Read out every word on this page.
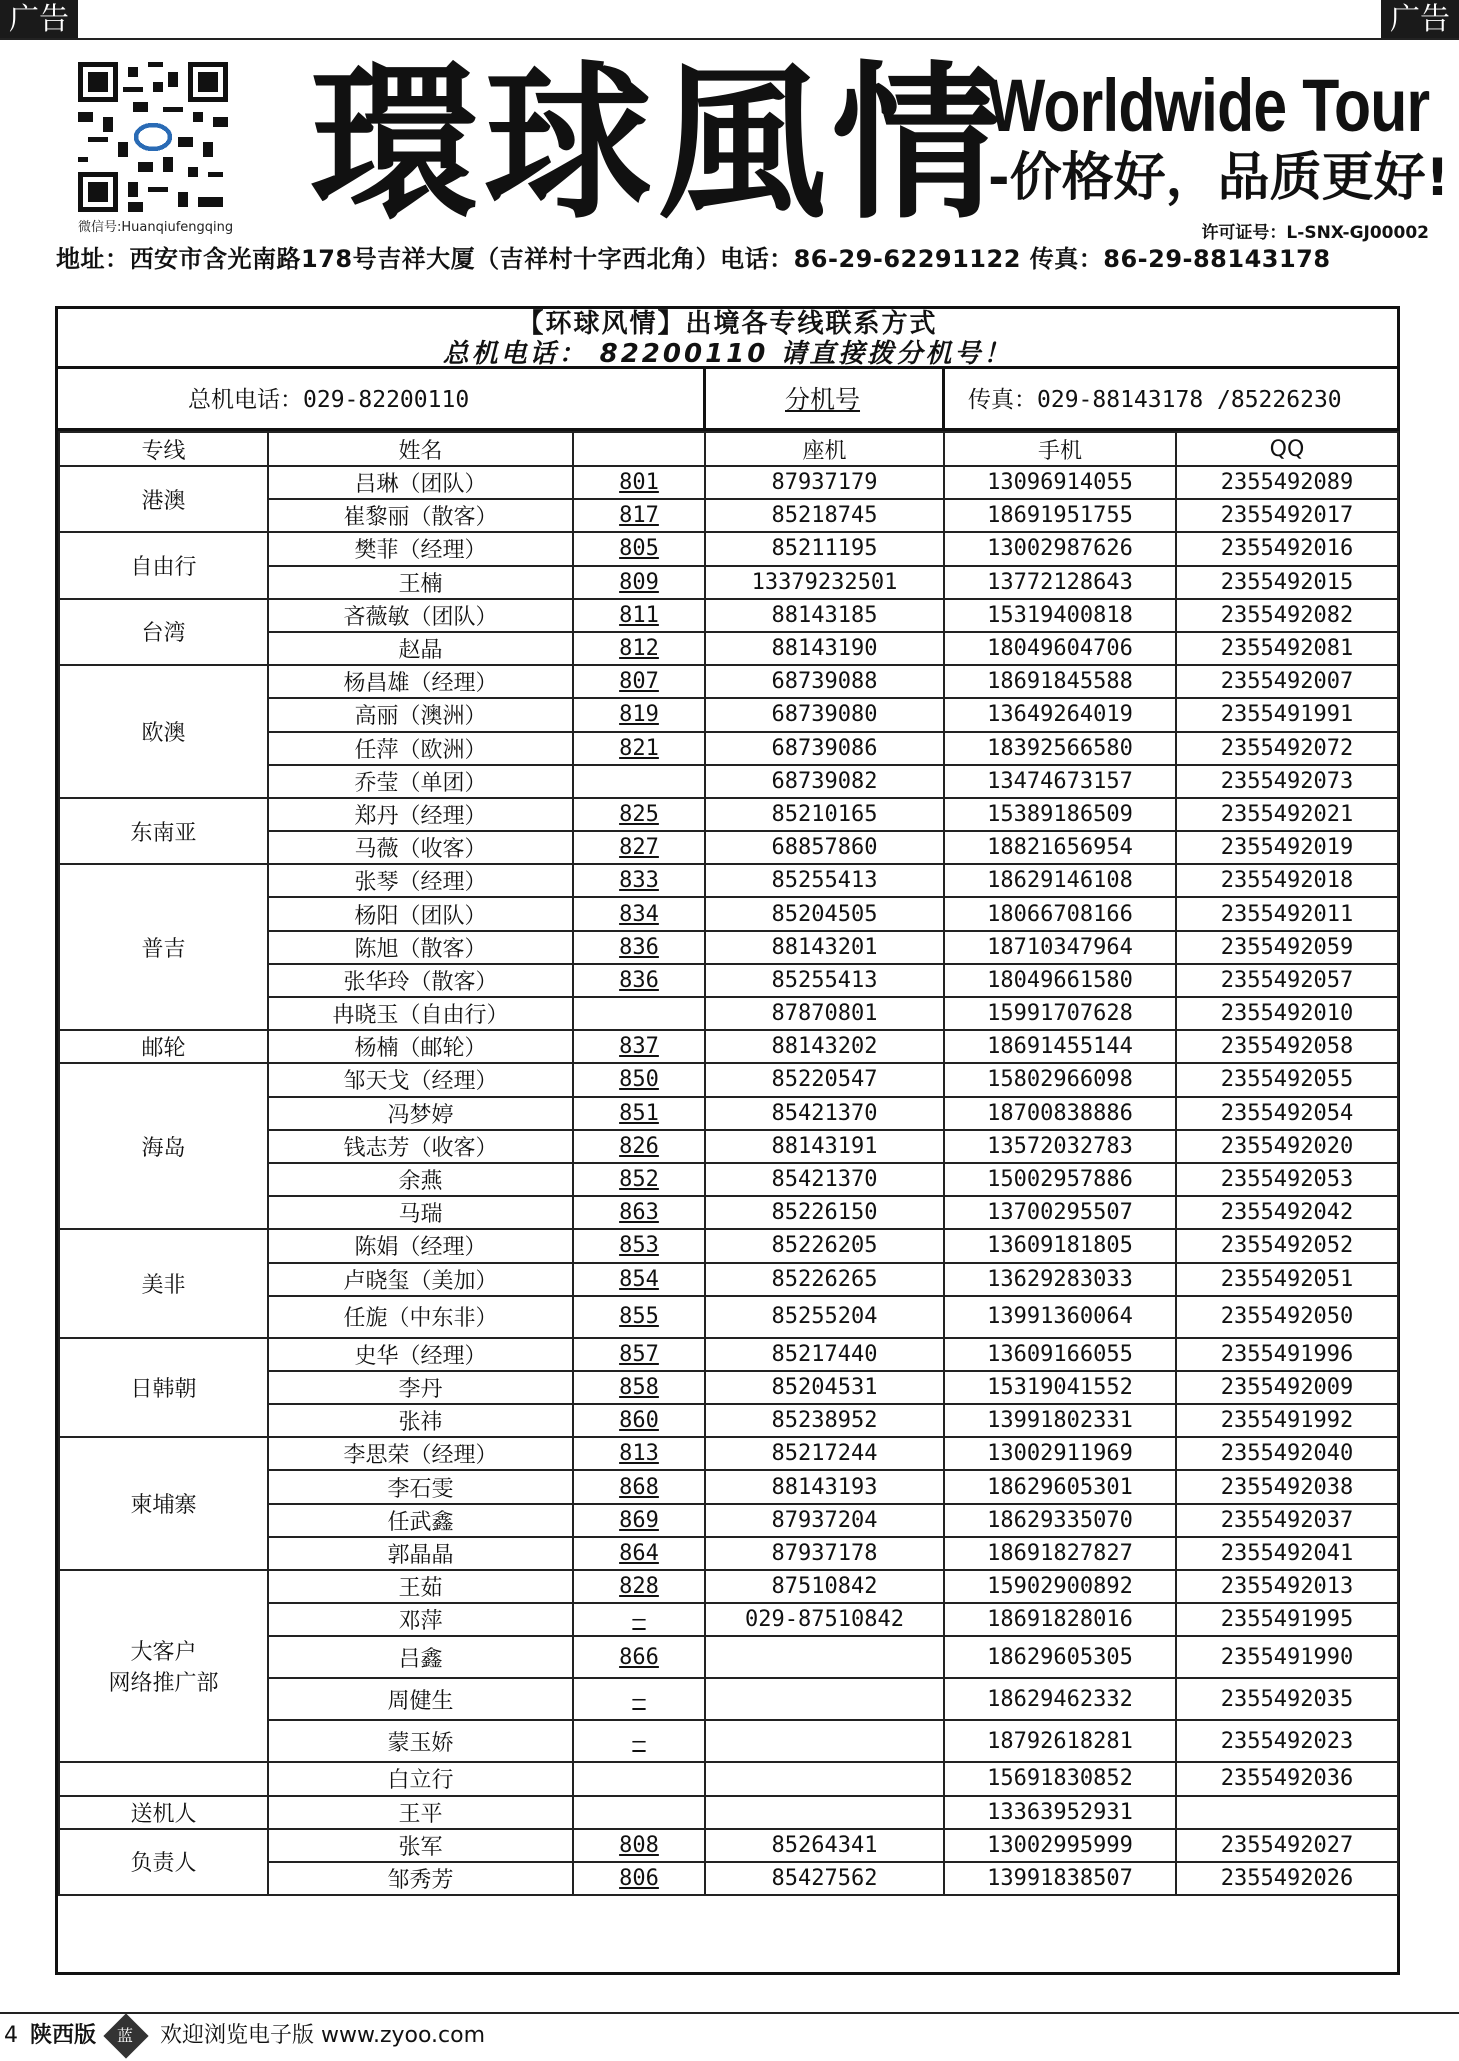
广告	广告
微信号:Huanqiufengqing 環球風情
Worldwide Tour
-价格好，品质更好!
许可证号：L-SNX-GJ00002
地址：西安市含光南路178号吉祥大厦（吉祥村十字西北角）电话：86-29-62291122 传真：86-29-88143178
【环球风情】出境各专线联系方式
总机电话： 82200110 请直接拨分机号！
总机电话：029-82200110	分机号	传真：029-88143178 /85226230
专线	姓名		座机	手机	QQ
港澳	吕琳（团队）	801	87937179	13096914055	2355492089
	崔黎丽（散客）	817	85218745	18691951755	2355492017
自由行	樊菲（经理）	805	85211195	13002987626	2355492016
	王楠	809	13379232501	13772128643	2355492015
台湾	吝薇敏（团队）	811	88143185	15319400818	2355492082
	赵晶	812	88143190	18049604706	2355492081
欧澳	杨昌雄（经理）	807	68739088	18691845588	2355492007
	高丽（澳洲）	819	68739080	13649264019	2355491991
	任萍（欧洲）	821	68739086	18392566580	2355492072
	乔莹（单团）		68739082	13474673157	2355492073
东南亚	郑丹（经理）	825	85210165	15389186509	2355492021
	马薇（收客）	827	68857860	18821656954	2355492019
普吉	张琴（经理）	833	85255413	18629146108	2355492018
	杨阳（团队）	834	85204505	18066708166	2355492011
	陈旭（散客）	836	88143201	18710347964	2355492059
	张华玲（散客）	836	85255413	18049661580	2355492057
	冉晓玉（自由行）		87870801	15991707628	2355492010
邮轮	杨楠（邮轮）	837	88143202	18691455144	2355492058
海岛	邹天戈（经理）	850	85220547	15802966098	2355492055
	冯梦婷	851	85421370	18700838886	2355492054
	钱志芳（收客）	826	88143191	13572032783	2355492020
	余燕	852	85421370	15002957886	2355492053
	马瑞	863	85226150	13700295507	2355492042
美非	陈娟（经理）	853	85226205	13609181805	2355492052
	卢晓玺（美加）	854	85226265	13629283033	2355492051
	任旎（中东非）	855	85255204	13991360064	2355492050
日韩朝	史华（经理）	857	85217440	13609166055	2355491996
	李丹	858	85204531	15319041552	2355492009
	张祎	860	85238952	13991802331	2355491992
柬埔寨	李思荣（经理）	813	85217244	13002911969	2355492040
	李石雯	868	88143193	18629605301	2355492038
	任武鑫	869	87937204	18629335070	2355492037
	郭晶晶	864	87937178	18691827827	2355492041
大客户
网络推广部	王茹	828	87510842	15902900892	2355492013
	邓萍	—	029-87510842	18691828016	2355491995
	吕鑫	866		18629605305	2355491990
	周健生	—		18629462332	2355492035
	蒙玉娇	—		18792618281	2355492023
	白立行			15691830852	2355492036
送机人	王平			13363952931	
负责人	张军	808	85264341	13002995999	2355492027
	邹秀芳	806	85427562	13991838507	2355492026
4 陕西版 蓝 欢迎浏览电子版 www.zyoo.com
